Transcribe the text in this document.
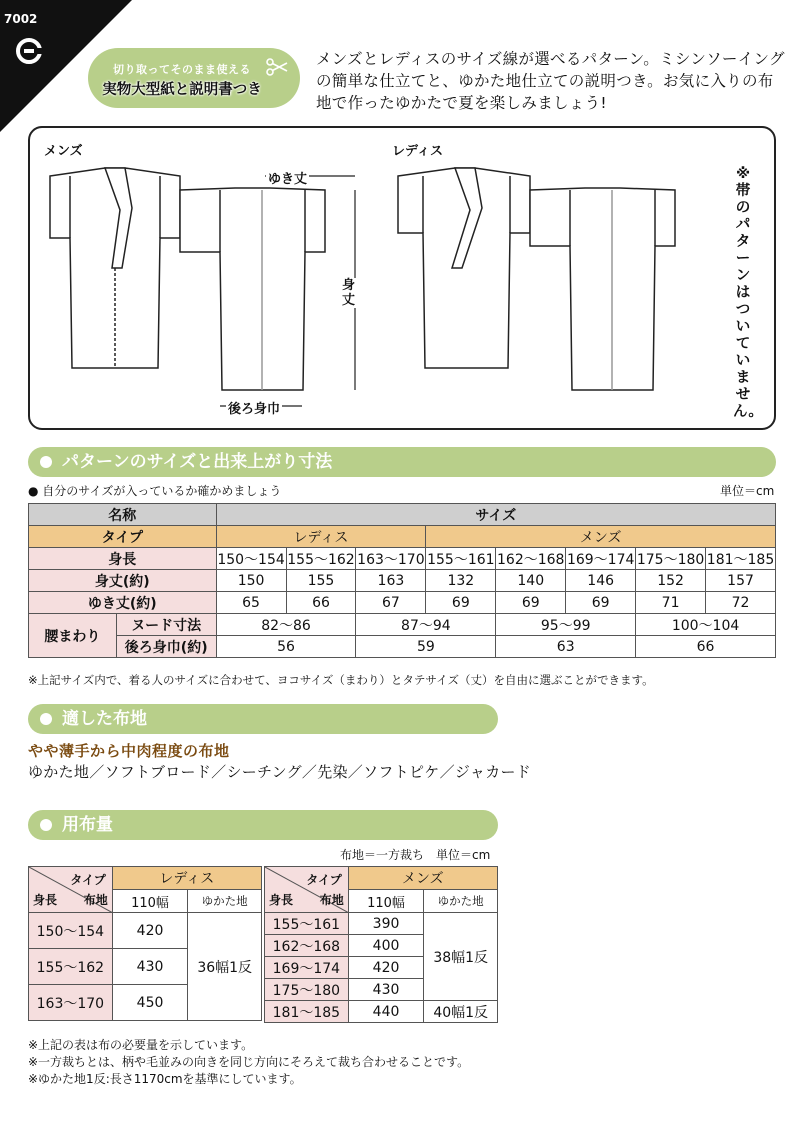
7002
切り取ってそのまま使える
実物大型紙と説明書つき
メンズとレディスのサイズ線が選べるパターン。ミシンソーイングの簡単な仕立てと、ゆかた地仕立ての説明つき。お気に入りの布地で作ったゆかたで夏を楽しみましょう!
メンズ	レディス
ゆき丈
身丈
後ろ身巾
※帯のパターンはついていません。
パターンのサイズと出来上がり寸法
● 自分のサイズが入っているか確かめましょう	単位＝cm
名称		サイズ							
タイプ		レディス			メンズ				
身長		150〜154	155〜162	163〜170	155〜161	162〜168	169〜174	175〜180	181〜185
身丈(約)		150	155	163	132	140	146	152	157
ゆき丈(約)		65	66	67	69	69	69	71	72
腰まわり	ヌード寸法	82〜86		87〜94		95〜99		100〜104	
	後ろ身巾(約)	56		59		63		66	
※上記サイズ内で、着る人のサイズに合わせて、ヨコサイズ（まわり）とタテサイズ（丈）を自由に選ぶことができます。
適した布地
やや薄手から中肉程度の布地
ゆかた地／ソフトブロード／シーチング／先染／ソフトピケ／ジャカード
用布量
布地＝一方裁ち　単位＝cm
タイプ
身長 布地	レディス	
	110幅	ゆかた地
150〜154	420	36幅1反
155〜162	430	
163〜170	450	
タイプ
身長 布地	メンズ	
	110幅	ゆかた地
155〜161	390	38幅1反
162〜168	400	
169〜174	420	
175〜180	430	
181〜185	440	40幅1反
※上記の表は布の必要量を示しています。
※一方裁ちとは、柄や毛並みの向きを同じ方向にそろえて裁ち合わせることです。
※ゆかた地1反:長さ1170cmを基準にしています。
